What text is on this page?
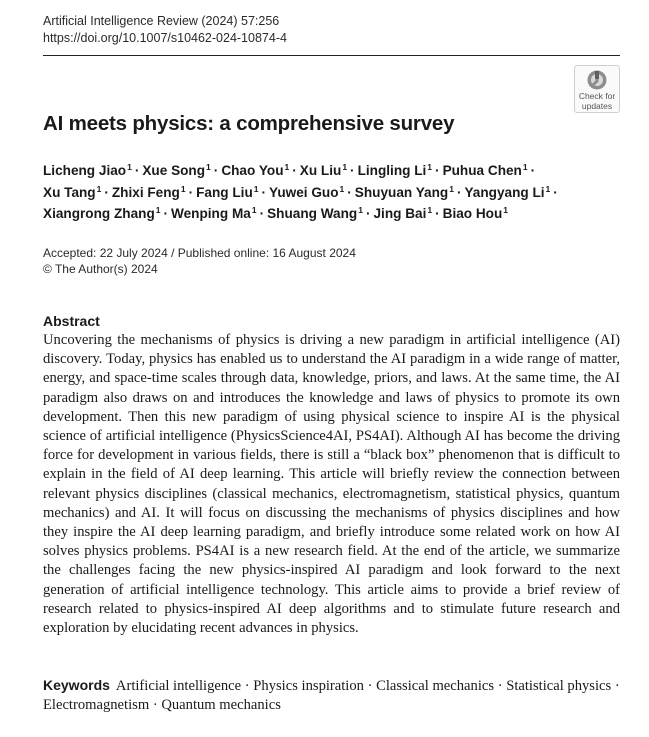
Artificial Intelligence Review (2024) 57:256
https://doi.org/10.1007/s10462-024-10874-4
Check for
updates
AI meets physics: a comprehensive survey
Licheng Jiao$^1$ · Xue Song$^1$ · Chao You$^1$ · Xu Liu$^1$ · Lingling $Li^1$ · Puhua Chen$^1$ ·
Xu Tang$^1$ · Zhixi Feng$^1$ · Fang Liu$^1$ · Yuwei Guo$^1$ · Shuyuan Yang$^1$ · Yangyang $Li^1$ ·
Xiangrong Zhang$^1$ · Wenping $Ma^1$ · Shuang Wang$^1$ · Jing Bai$^1$ · Biao Hou$^1$
Accepted: 22 July 2024 / Published online: 16 August 2024
© The Author(s) 2024
Abstract
Uncovering the mechanisms of physics is driving a new paradigm in artificial intelligence (AI) discovery. Today, physics has enabled us to understand the AI paradigm in a wide range of matter, energy, and space-time scales through data, knowledge, priors, and laws. At the same time, the AI paradigm also draws on and introduces the knowledge and laws of physics to promote its own development. Then this new paradigm of using physical science to inspire AI is the physical science of artificial intelligence (PhysicsScience4AI, PS4AI). Although AI has become the driving force for development in various fields, there is still a “black box” phenomenon that is difficult to explain in the field of AI deep learning. This article will briefly review the connection between relevant physics disciplines (classical mechanics, electromagnetism, statistical physics, quantum mechanics) and AI. It will focus on discussing the mechanisms of physics disciplines and how they inspire the AI deep learning paradigm, and briefly introduce some related work on how AI solves physics problems. PS4AI is a new research field. At the end of the article, we summarize the challenges facing the new physics-inspired AI paradigm and look forward to the next generation of artificial intelligence technology. This article aims to provide a brief review of research related to physics-inspired AI deep algorithms and to stimulate future research and exploration by elucidating recent advances in physics.
Keywords Artificial intelligence · Physics inspiration · Classical mechanics · Statistical physics · Electromagnetism · Quantum mechanics
